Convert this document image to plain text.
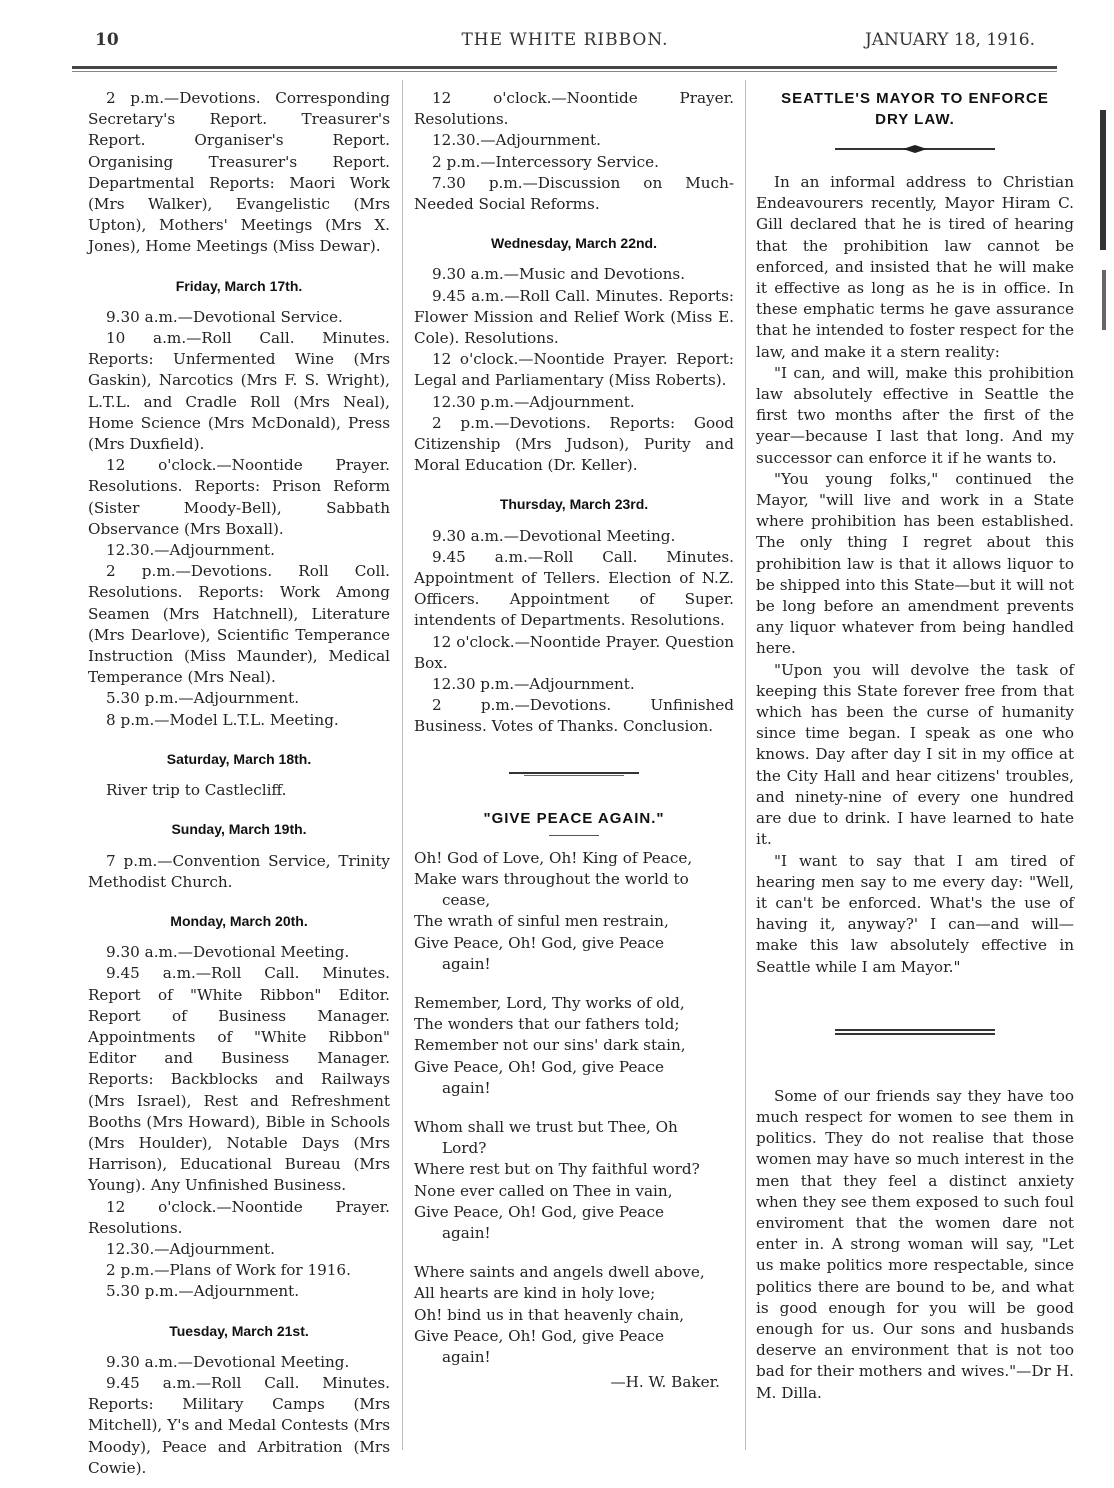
10	THE WHITE RIBBON.	JANUARY 18, 1916.

2 p.m.—Devotions. Corresponding Secretary's Report. Treasurer's Report. Organiser's Report. Organising Treasurer's Report. Departmental Reports: Maori Work (Mrs Walker), Evangelistic (Mrs Upton), Mothers' Meetings (Mrs X. Jones), Home Meetings (Miss Dewar).

Friday, March 17th.

9.30 a.m.—Devotional Service.

10 a.m.—Roll Call. Minutes. Reports: Unfermented Wine (Mrs Gaskin), Narcotics (Mrs F. S. Wright), L.T.L. and Cradle Roll (Mrs Neal), Home Science (Mrs McDonald), Press (Mrs Duxfield).

12 o'clock.—Noontide Prayer. Resolutions. Reports: Prison Reform (Sister Moody-Bell), Sabbath Observance (Mrs Boxall).

12.30.—Adjournment.

2 p.m.—Devotions. Roll Coll. Resolutions. Reports: Work Among Seamen (Mrs Hatchnell), Literature (Mrs Dearlove), Scientific Temperance Instruction (Miss Maunder), Medical Temperance (Mrs Neal).

5.30 p.m.—Adjournment.

8 p.m.—Model L.T.L. Meeting.

Saturday, March 18th.

River trip to Castlecliff.

Sunday, March 19th.

7 p.m.—Convention Service, Trinity Methodist Church.

Monday, March 20th.

9.30 a.m.—Devotional Meeting.

9.45 a.m.—Roll Call. Minutes. Report of "White Ribbon" Editor. Report of Business Manager. Appointments of "White Ribbon" Editor and Business Manager. Reports: Backblocks and Railways (Mrs Israel), Rest and Refreshment Booths (Mrs Howard), Bible in Schools (Mrs Houlder), Notable Days (Mrs Harrison), Educational Bureau (Mrs Young). Any Unfinished Business.

12 o'clock.—Noontide Prayer. Resolutions.

12.30.—Adjournment.

2 p.m.—Plans of Work for 1916.

5.30 p.m.—Adjournment.

Tuesday, March 21st.

9.30 a.m.—Devotional Meeting.

9.45 a.m.—Roll Call. Minutes. Reports: Military Camps (Mrs Mitchell), Y's and Medal Contests (Mrs Moody), Peace and Arbitration (Mrs Cowie).

12 o'clock.—Noontide Prayer. Resolutions.

12.30.—Adjournment.

2 p.m.—Intercessory Service.

7.30 p.m.—Discussion on Much-Needed Social Reforms.

Wednesday, March 22nd.

9.30 a.m.—Music and Devotions.

9.45 a.m.—Roll Call. Minutes. Reports: Flower Mission and Relief Work (Miss E. Cole). Resolutions.

12 o'clock.—Noontide Prayer. Report: Legal and Parliamentary (Miss Roberts).

12.30 p.m.—Adjournment.

2 p.m.—Devotions. Reports: Good Citizenship (Mrs Judson), Purity and Moral Education (Dr. Keller).

Thursday, March 23rd.

9.30 a.m.—Devotional Meeting.

9.45 a.m.—Roll Call. Minutes. Appointment of Tellers. Election of N.Z. Officers. Appointment of Super. intendents of Departments. Resolutions.

12 o'clock.—Noontide Prayer. Question Box.

12.30 p.m.—Adjournment.

2 p.m.—Devotions. Unfinished Business. Votes of Thanks. Conclusion.

"GIVE PEACE AGAIN."

Oh! God of Love, Oh! King of Peace,

Make wars throughout the world to

cease,

The wrath of sinful men restrain,

Give Peace, Oh! God, give Peace

again!

Remember, Lord, Thy works of old,

The wonders that our fathers told;

Remember not our sins' dark stain,

Give Peace, Oh! God, give Peace

again!

Whom shall we trust but Thee, Oh

Lord?

Where rest but on Thy faithful word?

None ever called on Thee in vain,

Give Peace, Oh! God, give Peace

again!

Where saints and angels dwell above,

All hearts are kind in holy love;

Oh! bind us in that heavenly chain,

Give Peace, Oh! God, give Peace

again!

—H. W. Baker.
SEATTLE'S MAYOR TO ENFORCE
DRY LAW.

In an informal address to Christian Endeavourers recently, Mayor Hiram C. Gill declared that he is tired of hearing that the prohibition law cannot be enforced, and insisted that he will make it effective as long as he is in office. In these emphatic terms he gave assurance that he intended to foster respect for the law, and make it a stern reality:

"I can, and will, make this prohibition law absolutely effective in Seattle the first two months after the first of the year—because I last that long. And my successor can enforce it if he wants to.

"You young folks," continued the Mayor, "will live and work in a State where prohibition has been established. The only thing I regret about this prohibition law is that it allows liquor to be shipped into this State—but it will not be long before an amendment prevents any liquor whatever from being handled here.

"Upon you will devolve the task of keeping this State forever free from that which has been the curse of humanity since time began. I speak as one who knows. Day after day I sit in my office at the City Hall and hear citizens' troubles, and ninety-nine of every one hundred are due to drink. I have learned to hate it.

"I want to say that I am tired of hearing men say to me every day: "Well, it can't be enforced. What's the use of having it, anyway?' I can—and will—make this law absolutely effective in Seattle while I am Mayor."

Some of our friends say they have too much respect for women to see them in politics. They do not realise that those women may have so much interest in the men that they feel a distinct anxiety when they see them exposed to such foul enviroment that the women dare not enter in. A strong woman will say, "Let us make politics more respectable, since politics there are bound to be, and what is good enough for you will be good enough for us. Our sons and husbands deserve an environment that is not too bad for their mothers and wives."—Dr H. M. Dilla.
